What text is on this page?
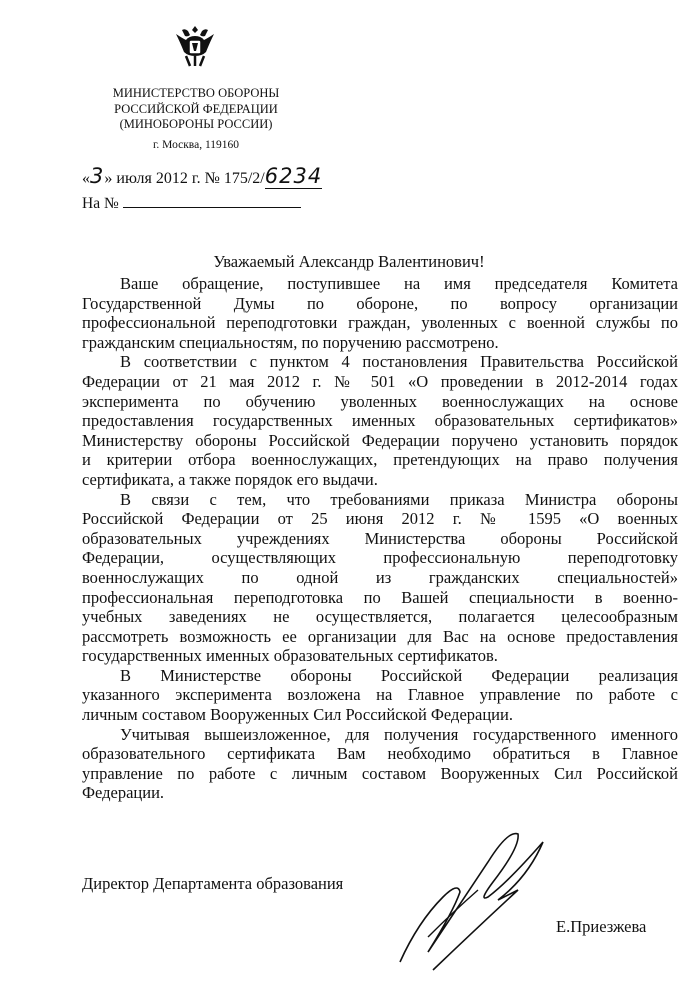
МИНИСТЕРСТВО ОБОРОНЫ
РОССИЙСКОЙ ФЕДЕРАЦИИ
(МИНОБОРОНЫ РОССИИ)
г. Москва, 119160
«3» июля 2012 г. № 175/2/6234
На №
Уважаемый Александр Валентинович!
Ваше обращение, поступившее на имя председателя Комитета
Государственной Думы по обороне, по вопросу организации
профессиональной переподготовки граждан, уволенных с военной службы по
гражданским специальностям, по поручению рассмотрено.
В соответствии с пунктом 4 постановления Правительства Российской
Федерации от 21 мая 2012 г. № 501 «О проведении в 2012-2014 годах
эксперимента по обучению уволенных военнослужащих на основе
предоставления государственных именных образовательных сертификатов»
Министерству обороны Российской Федерации поручено установить порядок
и критерии отбора военнослужащих, претендующих на право получения
сертификата, а также порядок его выдачи.
В связи с тем, что требованиями приказа Министра обороны
Российской Федерации от 25 июня 2012 г. № 1595 «О военных
образовательных учреждениях Министерства обороны Российской
Федерации, осуществляющих профессиональную переподготовку
военнослужащих по одной из гражданских специальностей»
профессиональная переподготовка по Вашей специальности в военно-
учебных заведениях не осуществляется, полагается целесообразным
рассмотреть возможность ее организации для Вас на основе предоставления
государственных именных образовательных сертификатов.
В Министерстве обороны Российской Федерации реализация
указанного эксперимента возложена на Главное управление по работе с
личным составом Вооруженных Сил Российской Федерации.
Учитывая вышеизложенное, для получения государственного именного
образовательного сертификата Вам необходимо обратиться в Главное
управление по работе с личным составом Вооруженных Сил Российской
Федерации.
Директор Департамента образования
Е.Приезжева
